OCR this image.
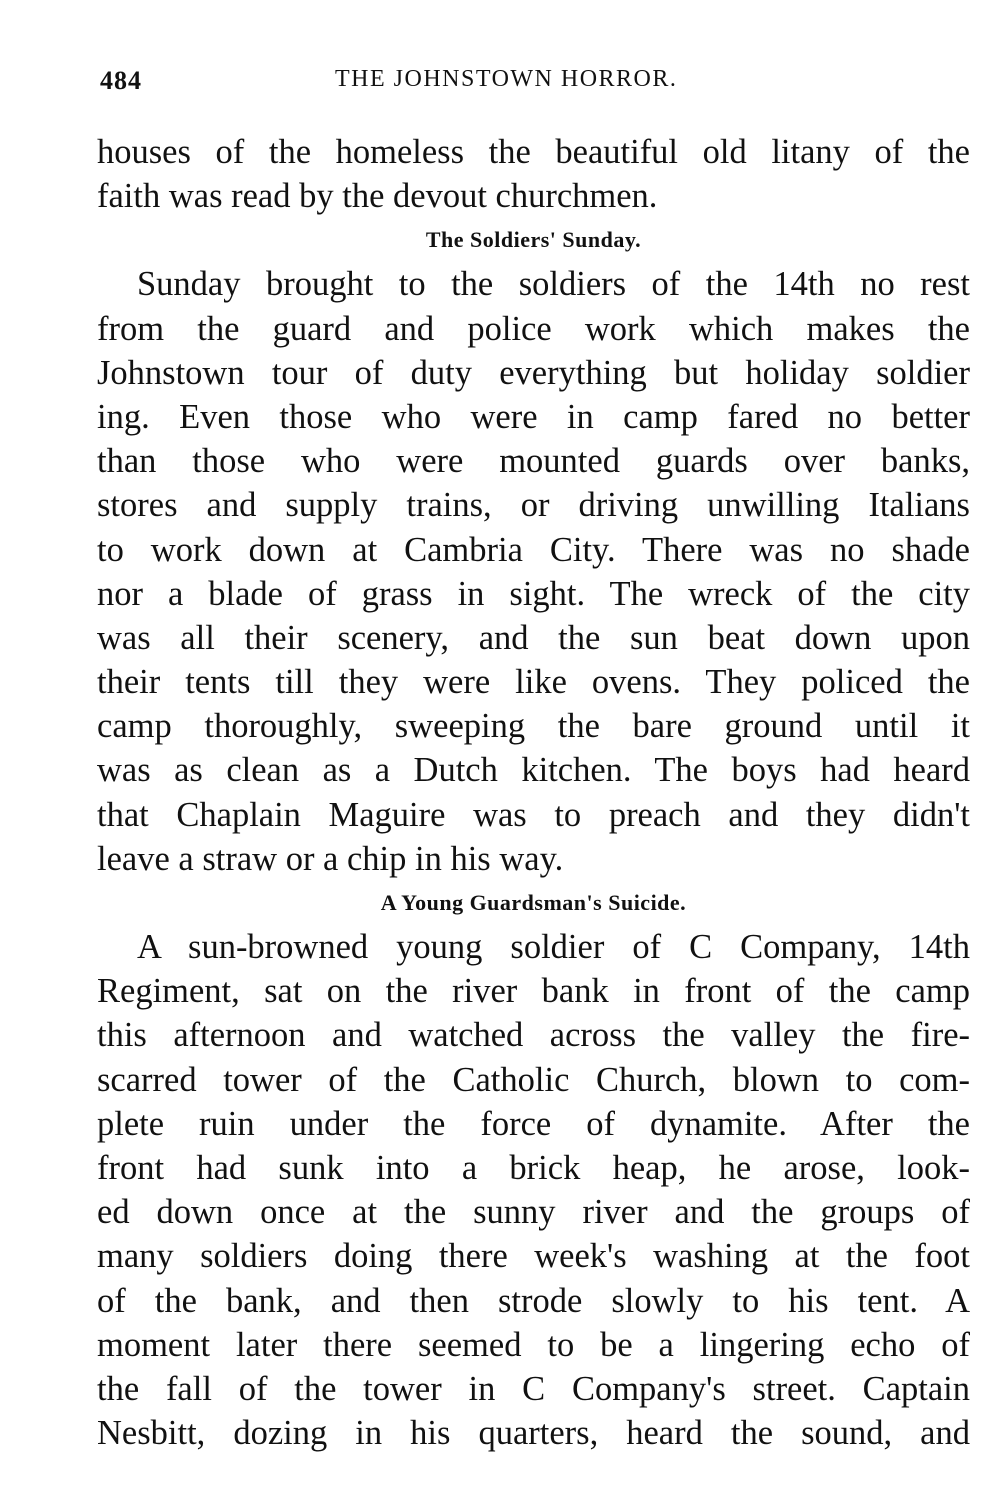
484	THE JOHNSTOWN HORROR.
houses of the homeless the beautiful old litany of the
faith was read by the devout churchmen.
The Soldiers' Sunday.
Sunday brought to the soldiers of the 14th no rest
from the guard and police work which makes the
Johnstown tour of duty everything but holiday soldier
ing. Even those who were in camp fared no better
than those who were mounted guards over banks,
stores and supply trains, or driving unwilling Italians
to work down at Cambria City. There was no shade
nor a blade of grass in sight. The wreck of the city
was all their scenery, and the sun beat down upon
their tents till they were like ovens. They policed the
camp thoroughly, sweeping the bare ground until it
was as clean as a Dutch kitchen. The boys had heard
that Chaplain Maguire was to preach and they didn't
leave a straw or a chip in his way.
A Young Guardsman's Suicide.
A sun-browned young soldier of C Company, 14th
Regiment, sat on the river bank in front of the camp
this afternoon and watched across the valley the fire-
scarred tower of the Catholic Church, blown to com-
plete ruin under the force of dynamite. After the
front had sunk into a brick heap, he arose, look-
ed down once at the sunny river and the groups of
many soldiers doing there week's washing at the foot
of the bank, and then strode slowly to his tent. A
moment later there seemed to be a lingering echo of
the fall of the tower in C Company's street. Captain
Nesbitt, dozing in his quarters, heard the sound, and
